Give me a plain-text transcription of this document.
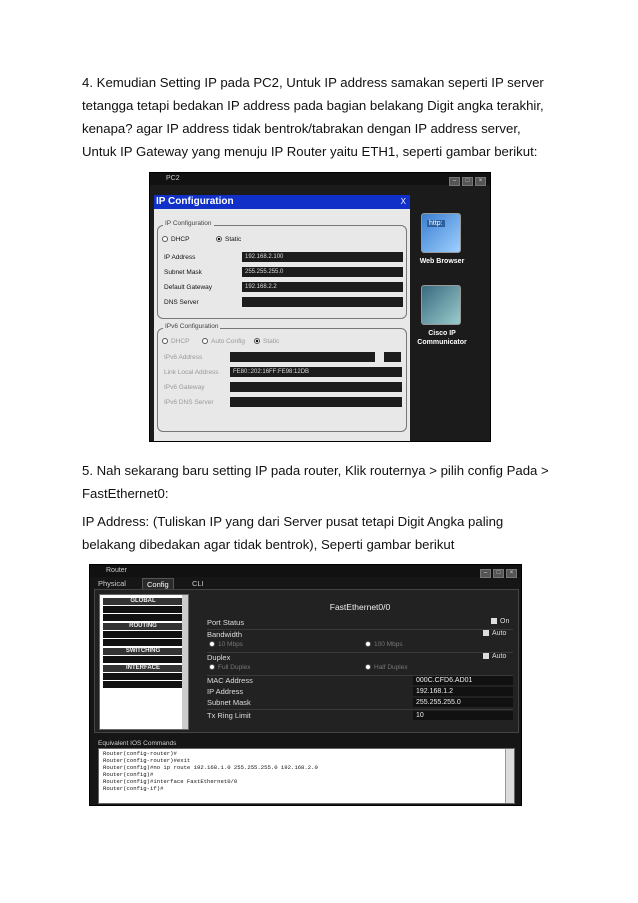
4. Kemudian Setting IP pada PC2, Untuk IP address samakan seperti IP server
tetangga tetapi bedakan IP address pada bagian belakang Digit angka terakhir,
kenapa? agar IP address tidak bentrok/tabrakan dengan IP address server,
Untuk IP Gateway yang menuju IP Router yaitu ETH1, seperti gambar berikut:
PC2	– □ ×
IP Configuration	X
IP Configuration
DHCP	Static
IP Address	192.168.2.100
Subnet Mask	255.255.255.0
Default Gateway	192.168.2.2
DNS Server
IPv6 Configuration
DHCP	Auto Config	Static
IPv6 Address
Link Local Address	FE80::202:16FF:FE98:12DB
IPv6 Gateway
IPv6 DNS Server
http:
Web Browser
Cisco IP
Communicator
5. Nah sekarang baru setting IP pada router, Klik routernya > pilih config Pada >
FastEthernet0:
IP Address: (Tuliskan IP yang dari Server pusat tetapi Digit Angka paling
belakang dibedakan agar tidak bentrok), Seperti gambar berikut
Router	– □ ×
Physical	Config	CLI
GLOBAL
ROUTING
SWITCHING
INTERFACE
FastEthernet0/0
Port Status	On
Bandwidth	Auto
10 Mbps	100 Mbps
Duplex	Auto
Full Duplex	Half Duplex
MAC Address	000C.CFD6.AD01
IP Address	192.168.1.2
Subnet Mask	255.255.255.0
Tx Ring Limit	10
Equivalent IOS Commands
Router(config-router)#
Router(config-router)#exit
Router(config)#no ip route 192.168.1.0 255.255.255.0 192.168.2.0
Router(config)#
Router(config)#interface FastEthernet0/0
Router(config-if)#
